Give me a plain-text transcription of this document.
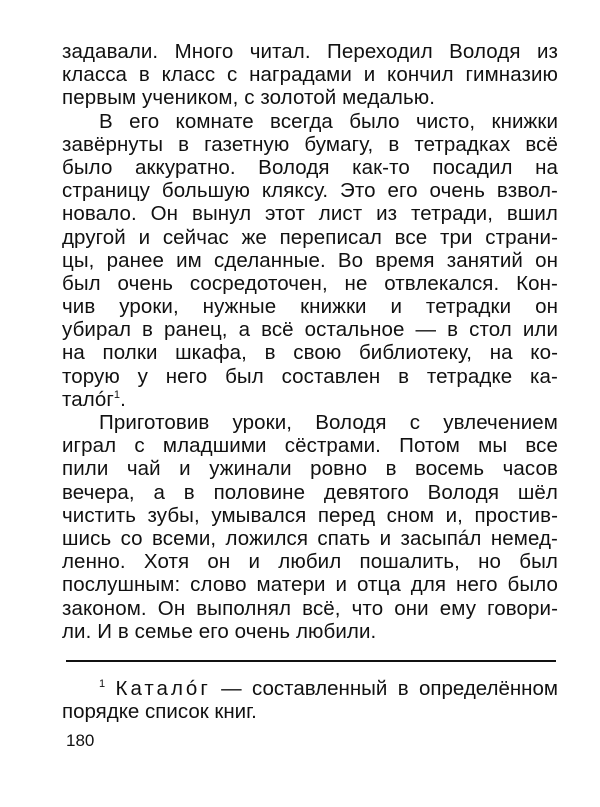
задавали. Много читал. Переходил Володя из
класса в класс с наградами и кончил гимназию
первым учеником, с золотой медалью.
В его комнате всегда было чисто, книжки
завёрнуты в газетную бумагу, в тетрадках всё
было аккуратно. Володя как-то посадил на
страницу большую кляксу. Это его очень взвол-
новало. Он вынул этот лист из тетради, вшил
другой и сейчас же переписал все три страни-
цы, ранее им сделанные. Во время занятий он
был очень сосредоточен, не отвлекался. Кон-
чив уроки, нужные книжки и тетрадки он
убирал в ранец, а всё остальное — в стол или
на полки шкафа, в свою библиотеку, на ко-
торую у него был составлен в тетрадке ка-
талóг$^1$.
Приготовив уроки, Володя с увлечением
играл с младшими сёстрами. Потом мы все
пили чай и ужинали ровно в восемь часов
вечера, а в половине девятого Володя шёл
чистить зубы, умывался перед сном и, простив-
шись со всеми, ложился спать и засыпáл немед-
ленно. Хотя он и любил пошалить, но был
послушным: слово матери и отца для него было
законом. Он выполнял всё, что они ему говори-
ли. И в семье его очень любили.
$^1$ Каталóг — составленный в определённом
порядке список книг.
180
